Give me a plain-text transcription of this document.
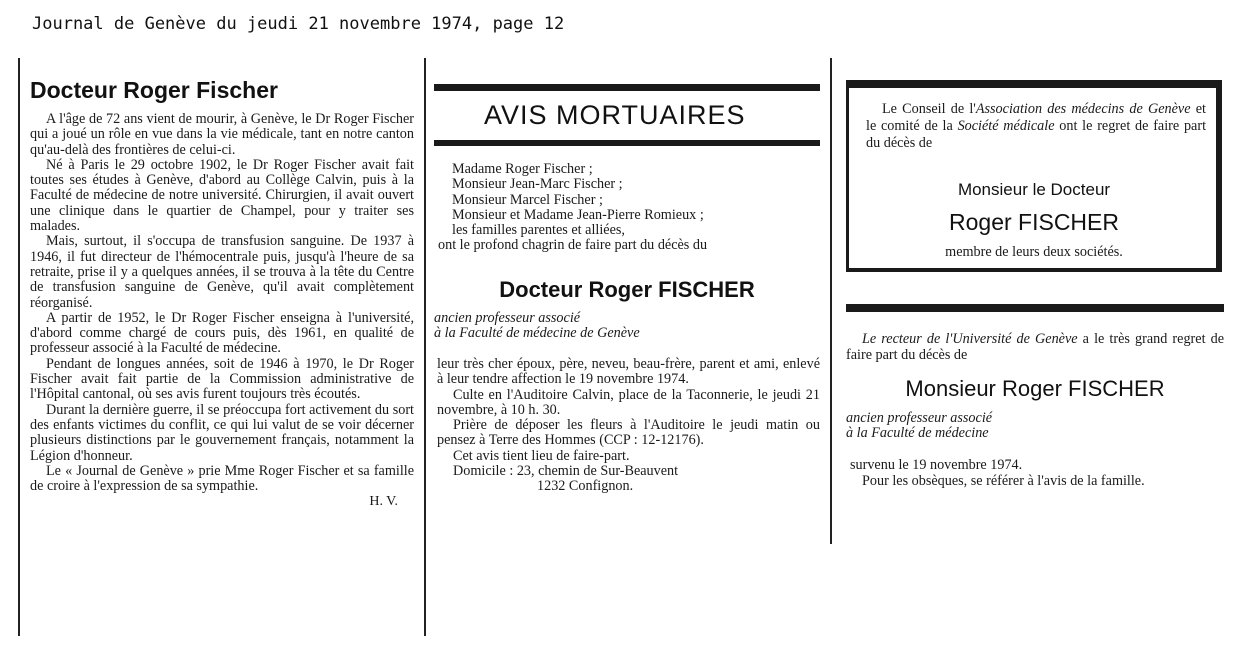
Journal de Genève du jeudi 21 novembre 1974, page 12
Docteur Roger Fischer

A l'âge de 72 ans vient de mourir, à Genève, le Dr Roger Fischer qui a joué un rôle en vue dans la vie médicale, tant en notre canton qu'au-delà des frontières de celui-ci.

Né à Paris le 29 octobre 1902, le Dr Roger Fischer avait fait toutes ses études à Genève, d'abord au Collège Calvin, puis à la Faculté de médecine de notre université. Chirurgien, il avait ouvert une clinique dans le quartier de Champel, pour y traiter ses malades.

Mais, surtout, il s'occupa de transfusion sanguine. De 1937 à 1946, il fut directeur de l'hémocentrale puis, jusqu'à l'heure de sa retraite, prise il y a quelques années, il se trouva à la tête du Centre de transfusion sanguine de Genève, qu'il avait complètement réorganisé.

A partir de 1952, le Dr Roger Fischer enseigna à l'université, d'abord comme chargé de cours puis, dès 1961, en qualité de professeur associé à la Faculté de médecine.

Pendant de longues années, soit de 1946 à 1970, le Dr Roger Fischer avait fait partie de la Commission administrative de l'Hôpital cantonal, où ses avis furent toujours très écoutés.

Durant la dernière guerre, il se préoccupa fort activement du sort des enfants victimes du conflit, ce qui lui valut de se voir décerner plusieurs distinctions par le gouvernement français, notamment la Légion d'honneur.

Le « Journal de Genève » prie Mme Roger Fischer et sa famille de croire à l'expression de sa sympathie.

H. V.
AVIS MORTUAIRES

Madame Roger Fischer ;

Monsieur Jean-Marc Fischer ;

Monsieur Marcel Fischer ;

Monsieur et Madame Jean-Pierre Romieux ;

les familles parentes et alliées,

ont le profond chagrin de faire part du décès du

Docteur Roger FISCHER

ancien professeur associé

à la Faculté de médecine de Genève

leur très cher époux, père, neveu, beau-frère, parent et ami, enlevé à leur tendre affection le 19 novembre 1974.

Culte en l'Auditoire Calvin, place de la Taconnerie, le jeudi 21 novembre, à 10 h. 30.

Prière de déposer les fleurs à l'Auditoire le jeudi matin ou pensez à Terre des Hommes (CCP : 12-12176).

Cet avis tient lieu de faire-part.

Domicile : 23, chemin de Sur-Beauvent

1232 Confignon.

Le Conseil de l'Association des médecins de Genève et le comité de la Société médicale ont le regret de faire part du décès de

Monsieur le Docteur
Roger FISCHER
membre de leurs deux sociétés.

Le recteur de l'Université de Genève a le très grand regret de faire part du décès de

Monsieur Roger FISCHER

ancien professeur associé

à la Faculté de médecine

survenu le 19 novembre 1974.

Pour les obsèques, se référer à l'avis de la famille.
